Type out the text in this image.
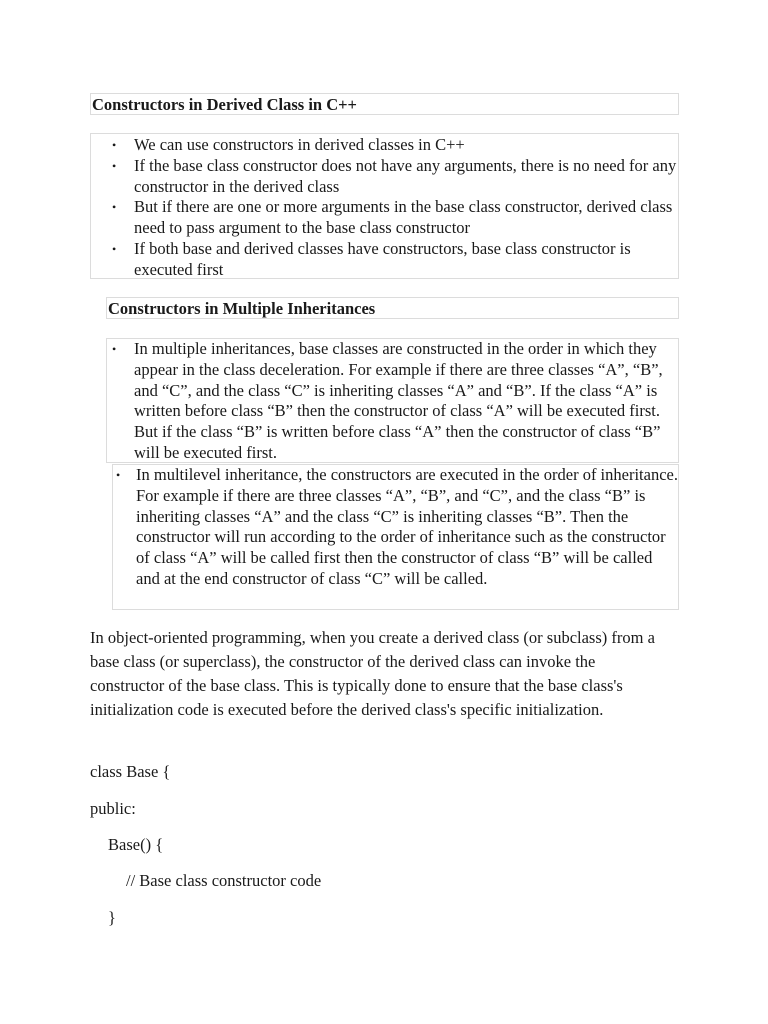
Constructors in Derived Class in C++
• We can use constructors in derived classes in C++
• If the base class constructor does not have any arguments, there is no need for any constructor in the derived class
• But if there are one or more arguments in the base class constructor, derived class need to pass argument to the base class constructor
• If both base and derived classes have constructors, base class constructor is executed first
Constructors in Multiple Inheritances
• In multiple inheritances, base classes are constructed in the order in which they appear in the class deceleration. For example if there are three classes “A”, “B”, and “C”, and the class “C” is inheriting classes “A” and “B”. If the class “A” is written before class “B” then the constructor of class “A” will be executed first. But if the class “B” is written before class “A” then the constructor of class “B” will be executed first.
• In multilevel inheritance, the constructors are executed in the order of inheritance. For example if there are three classes “A”, “B”, and “C”, and the class “B” is inheriting classes “A” and the class “C” is inheriting classes “B”. Then the constructor will run according to the order of inheritance such as the constructor of class “A” will be called first then the constructor of class “B” will be called and at the end constructor of class “C” will be called.

In object-oriented programming, when you create a derived class (or subclass) from a base class (or superclass), the constructor of the derived class can invoke the constructor of the base class. This is typically done to ensure that the base class's initialization code is executed before the derived class's specific initialization.

class Base {

public:

Base() {

// Base class constructor code

}
